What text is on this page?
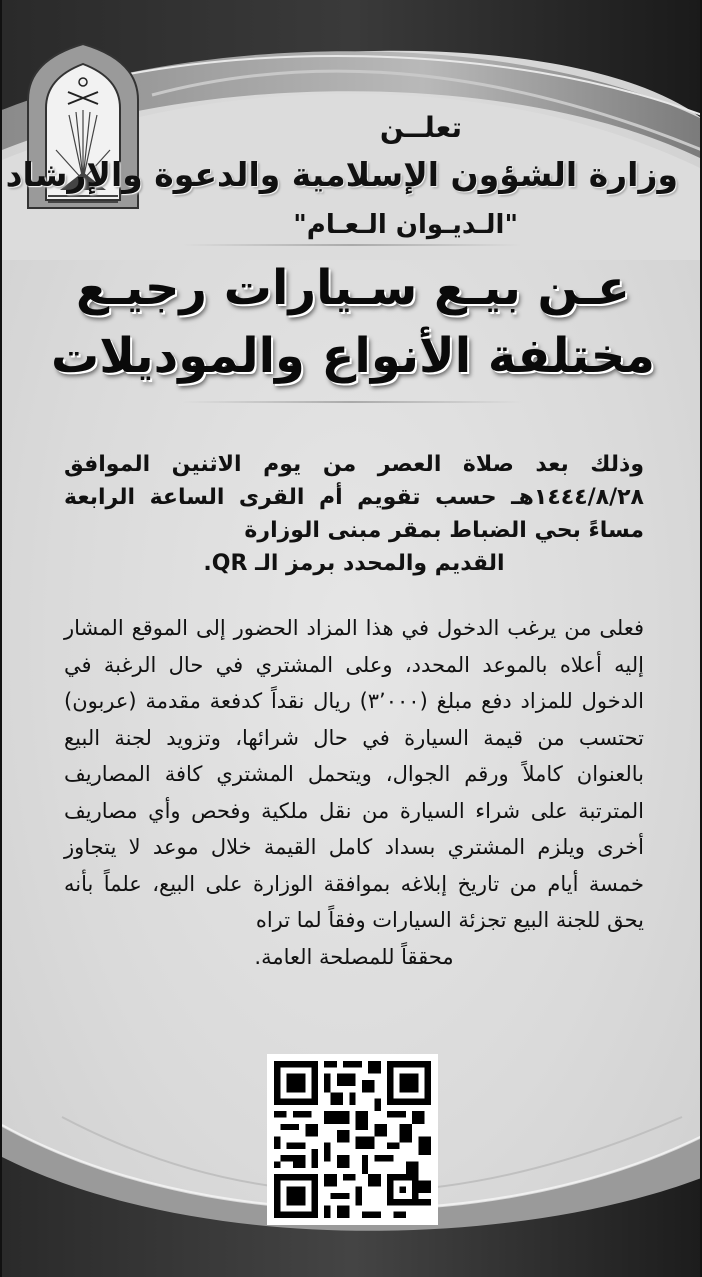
تعلــن
وزارة الشؤون الإسلامية والدعوة والإرشاد
"الـديـوان الـعـام"
عـن بيـع سـيارات رجيـع
مختلفة الأنواع والموديلات
وذلك بعد صلاة العصر من يوم الاثنين الموافق ١٤٤٤/٨/٢٨هـ حسب تقويم أم القرى الساعة الرابعة مساءً بحي الضباط بمقر مبنى الوزارة
القديم والمحدد برمز الـ QR.
فعلى من يرغب الدخول في هذا المزاد الحضور إلى الموقع المشار إليه أعلاه بالموعد المحدد، وعلى المشتري في حال الرغبة في الدخول للمزاد دفع مبلغ (٣٬٠٠٠) ريال نقداً كدفعة مقدمة (عربون) تحتسب من قيمة السيارة في حال شرائها، وتزويد لجنة البيع بالعنوان كاملاً ورقم الجوال، ويتحمل المشتري كافة المصاريف المترتبة على شراء السيارة من نقل ملكية وفحص وأي مصاريف أخرى ويلزم المشتري بسداد كامل القيمة خلال موعد لا يتجاوز خمسة أيام من تاريخ إبلاغه بموافقة الوزارة على البيع، علماً بأنه يحق للجنة البيع تجزئة السيارات وفقاً لما تراه
محققاً للمصلحة العامة.
